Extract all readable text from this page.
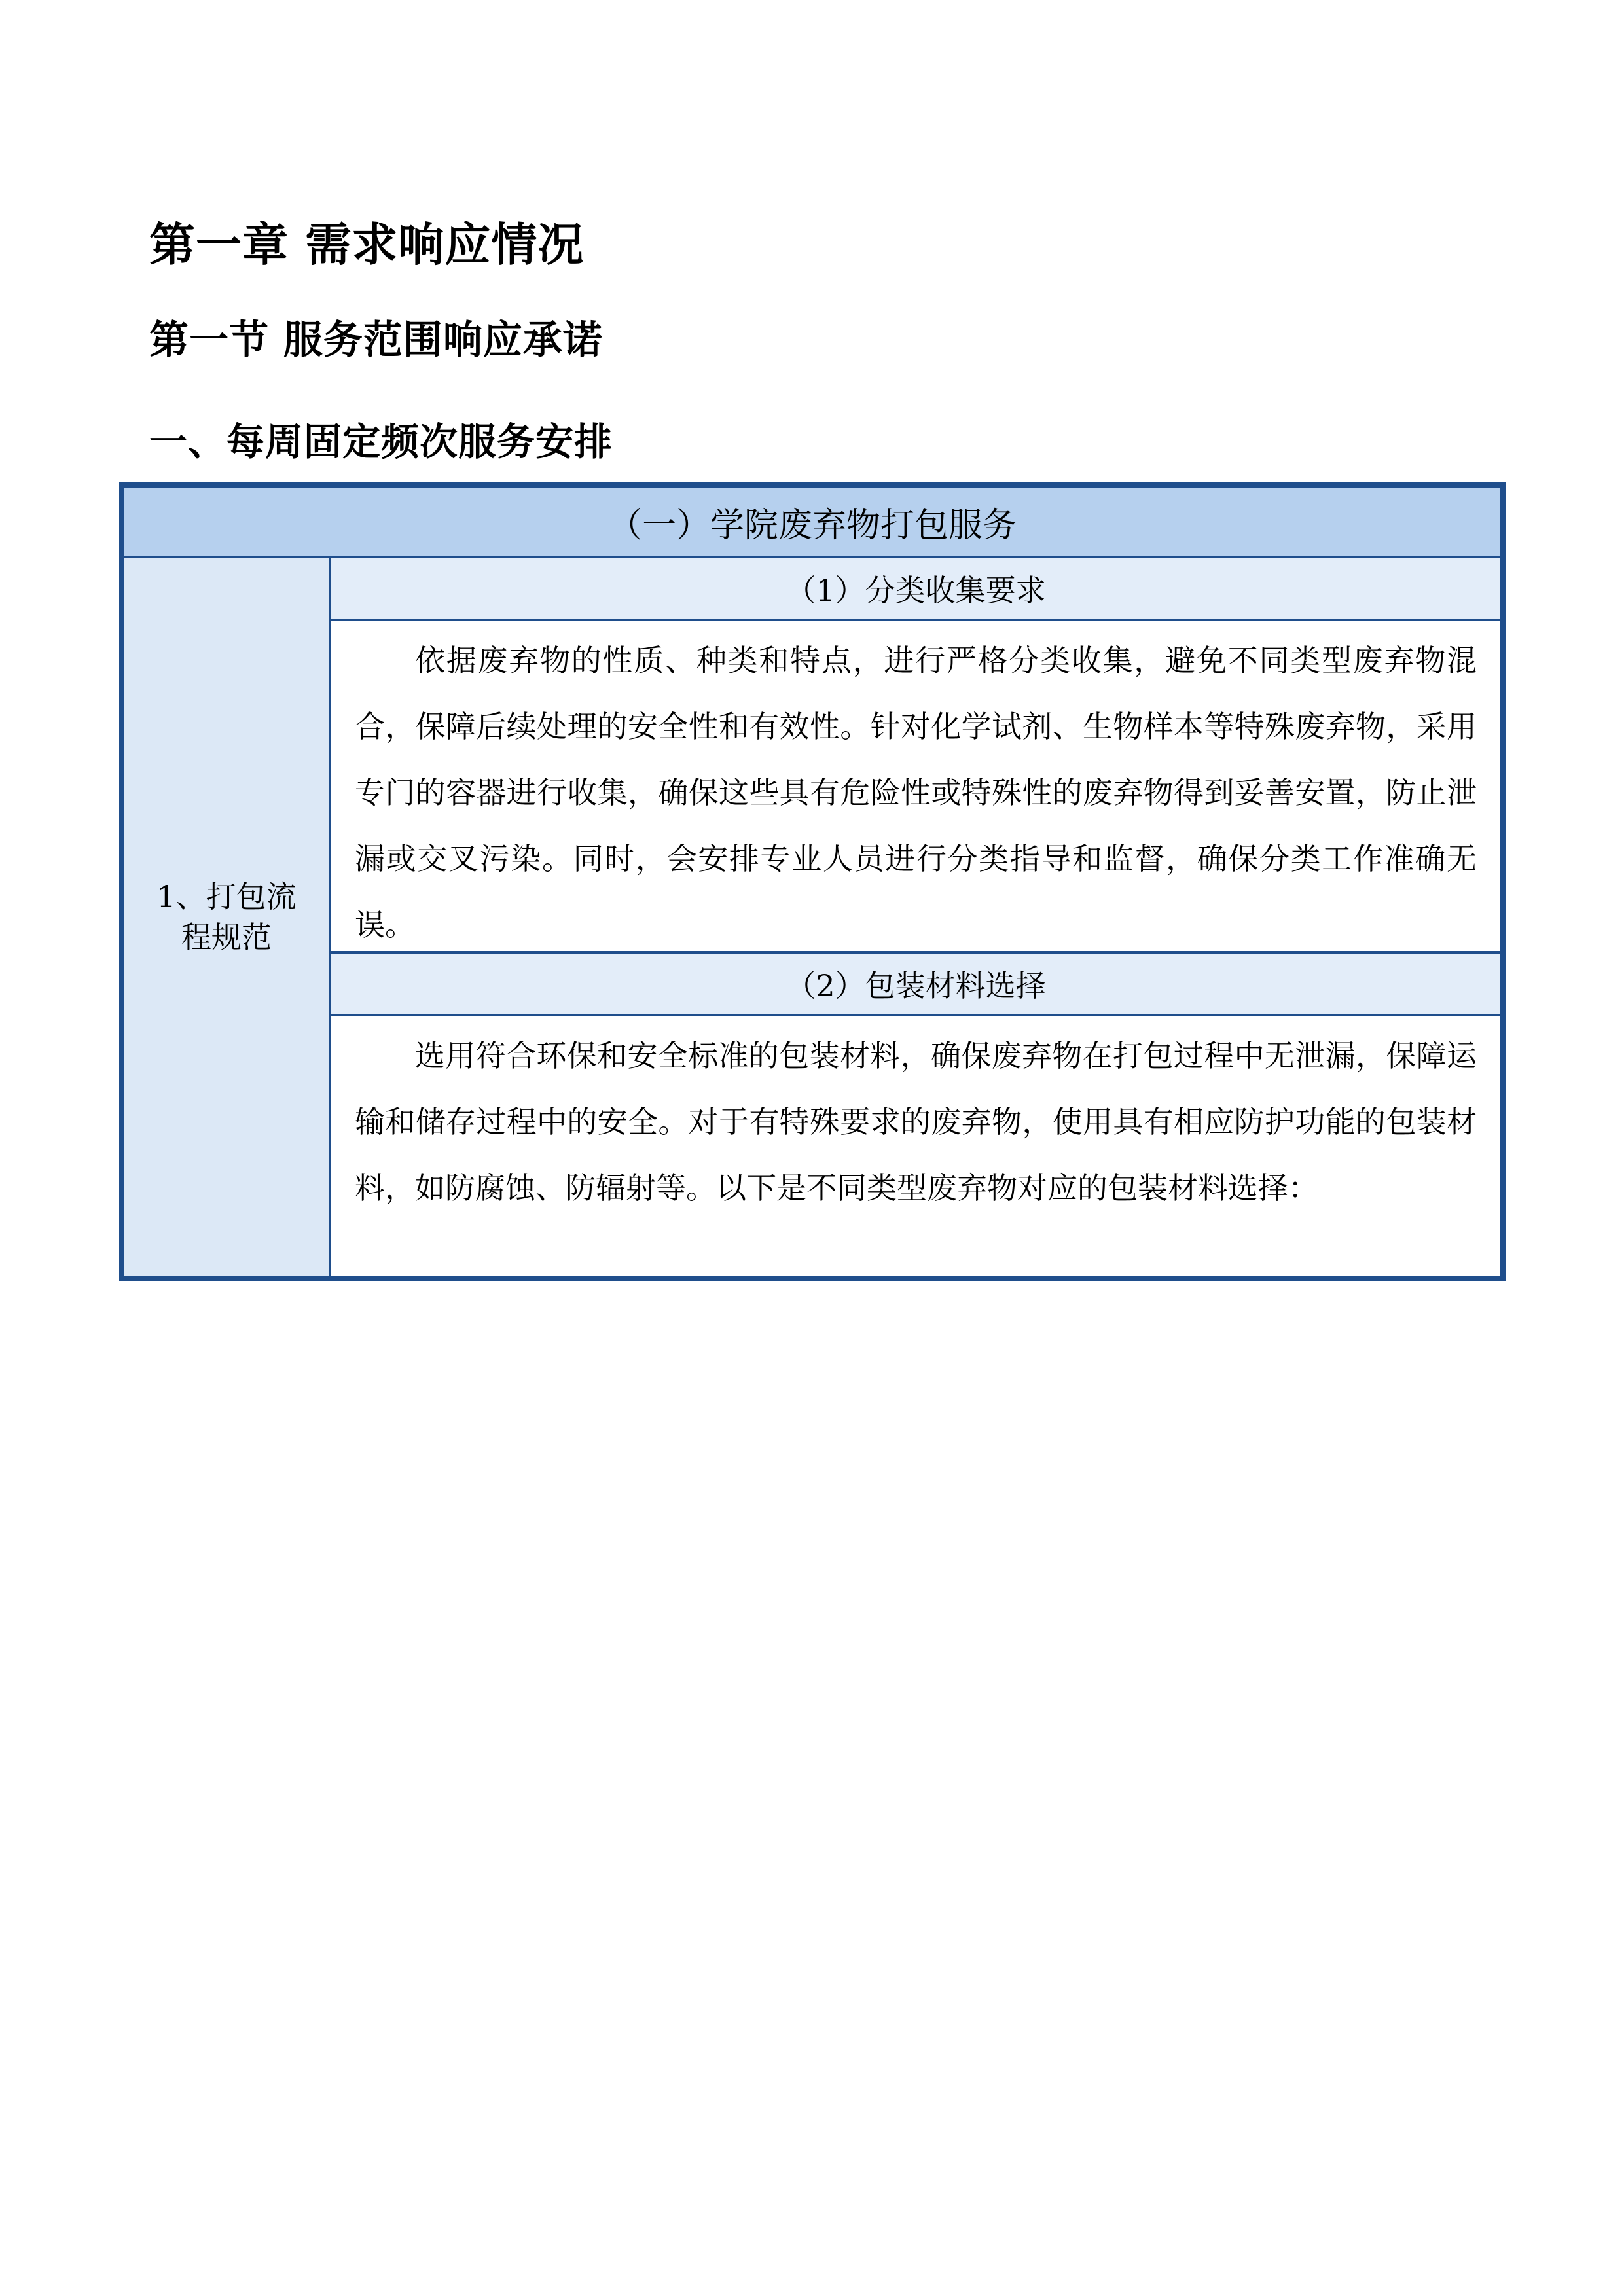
第一章 需求响应情况
第一节 服务范围响应承诺
一、每周固定频次服务安排
（一）学院废弃物打包服务
1、打包流程规范
（1）分类收集要求
依据废弃物的性质、种类和特点，进行严格分类收集，避免不同类型废弃物混合，保障后续处理的安全性和有效性。针对化学试剂、生物样本等特殊废弃物，采用专门的容器进行收集，确保这些具有危险性或特殊性的废弃物得到妥善安置，防止泄漏或交叉污染。同时，会安排专业人员进行分类指导和监督，确保分类工作准确无误。
（2）包装材料选择
选用符合环保和安全标准的包装材料，确保废弃物在打包过程中无泄漏，保障运输和储存过程中的安全。对于有特殊要求的废弃物，使用具有相应防护功能的包装材料，如防腐蚀、防辐射等。以下是不同类型废弃物对应的包装材料选择：
